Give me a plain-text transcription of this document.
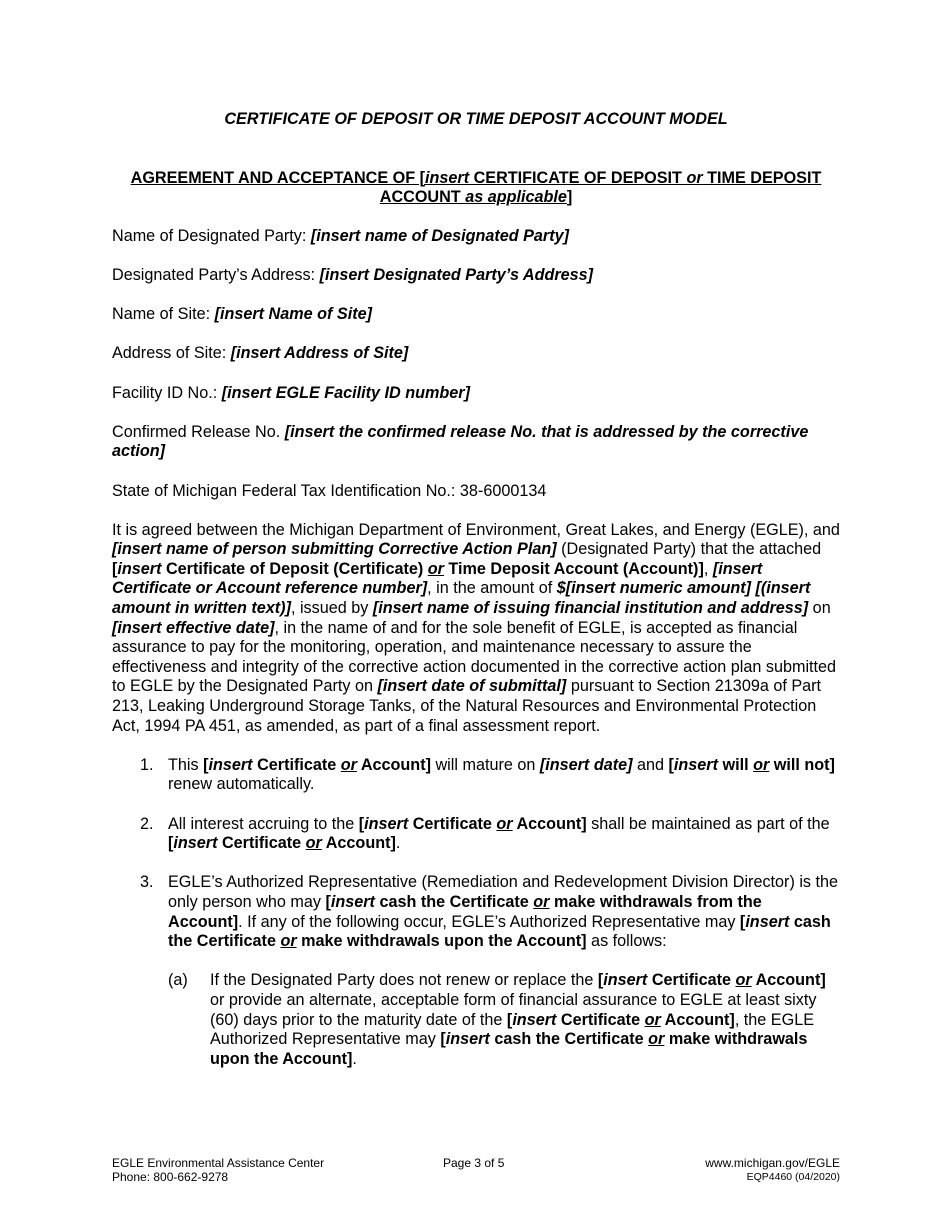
CERTIFICATE OF DEPOSIT OR TIME DEPOSIT ACCOUNT MODEL
AGREEMENT AND ACCEPTANCE OF [insert CERTIFICATE OF DEPOSIT or TIME DEPOSIT ACCOUNT as applicable]

Name of Designated Party: [insert name of Designated Party]

Designated Party’s Address: [insert Designated Party’s Address]

Name of Site: [insert Name of Site]

Address of Site: [insert Address of Site]

Facility ID No.: [insert EGLE Facility ID number]

Confirmed Release No. [insert the confirmed release No. that is addressed by the corrective action]

State of Michigan Federal Tax Identification No.: 38-6000134

It is agreed between the Michigan Department of Environment, Great Lakes, and Energy (EGLE), and [insert name of person submitting Corrective Action Plan] (Designated Party) that the attached [insert Certificate of Deposit (Certificate) or Time Deposit Account (Account)], [insert Certificate or Account reference number], in the amount of $[insert numeric amount] [(insert amount in written text)], issued by [insert name of issuing financial institution and address] on [insert effective date], in the name of and for the sole benefit of EGLE, is accepted as financial assurance to pay for the monitoring, operation, and maintenance necessary to assure the effectiveness and integrity of the corrective action documented in the corrective action plan submitted to EGLE by the Designated Party on [insert date of submittal] pursuant to Section 21309a of Part 213, Leaking Underground Storage Tanks, of the Natural Resources and Environmental Protection Act, 1994 PA 451, as amended, as part of a final assessment report.

1. This [insert Certificate or Account] will mature on [insert date] and [insert will or will not] renew automatically.
2. All interest accruing to the [insert Certificate or Account] shall be maintained as part of the [insert Certificate or Account].
3. EGLE’s Authorized Representative (Remediation and Redevelopment Division Director) is the only person who may [insert cash the Certificate or make withdrawals from the Account]. If any of the following occur, EGLE’s Authorized Representative may [insert cash the Certificate or make withdrawals upon the Account] as follows:

(a) If the Designated Party does not renew or replace the [insert Certificate or Account] or provide an alternate, acceptable form of financial assurance to EGLE at least sixty (60) days prior to the maturity date of the [insert Certificate or Account], the EGLE Authorized Representative may [insert cash the Certificate or make withdrawals upon the Account].

EGLE Environmental Assistance Center
Phone: 800-662-9278
Page 3 of 5	www.michigan.gov/EGLE
EQP4460 (04/2020)
